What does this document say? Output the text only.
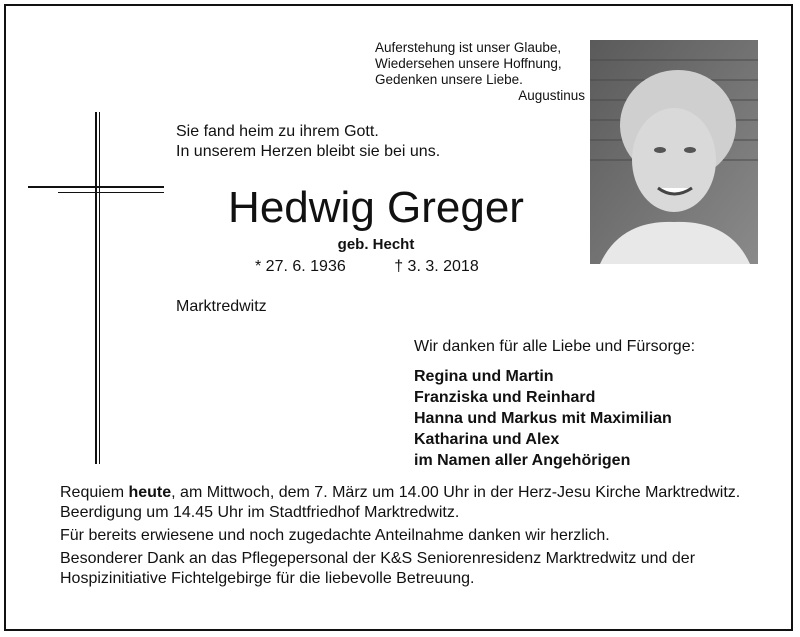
Auferstehung ist unser Glaube,
Wiedersehen unsere Hoffnung,
Gedenken unsere Liebe.
Augustinus
Sie fand heim zu ihrem Gott.
In unserem Herzen bleibt sie bei uns.
Hedwig Greger
geb. Hecht
* 27. 6. 1936	† 3. 3. 2018
Marktredwitz
Wir danken für alle Liebe und Fürsorge:
Regina und Martin
Franziska und Reinhard
Hanna und Markus mit Maximilian
Katharina und Alex
im Namen aller Angehörigen

Requiem heute, am Mittwoch, dem 7. März um 14.00 Uhr in der Herz-Jesu Kirche Marktredwitz. Beerdigung um 14.45 Uhr im Stadtfriedhof Marktredwitz.

Für bereits erwiesene und noch zugedachte Anteilnahme danken wir herzlich.

Besonderer Dank an das Pflegepersonal der K&S Seniorenresidenz Marktredwitz und der Hospizinitiative Fichtelgebirge für die liebevolle Betreuung.
